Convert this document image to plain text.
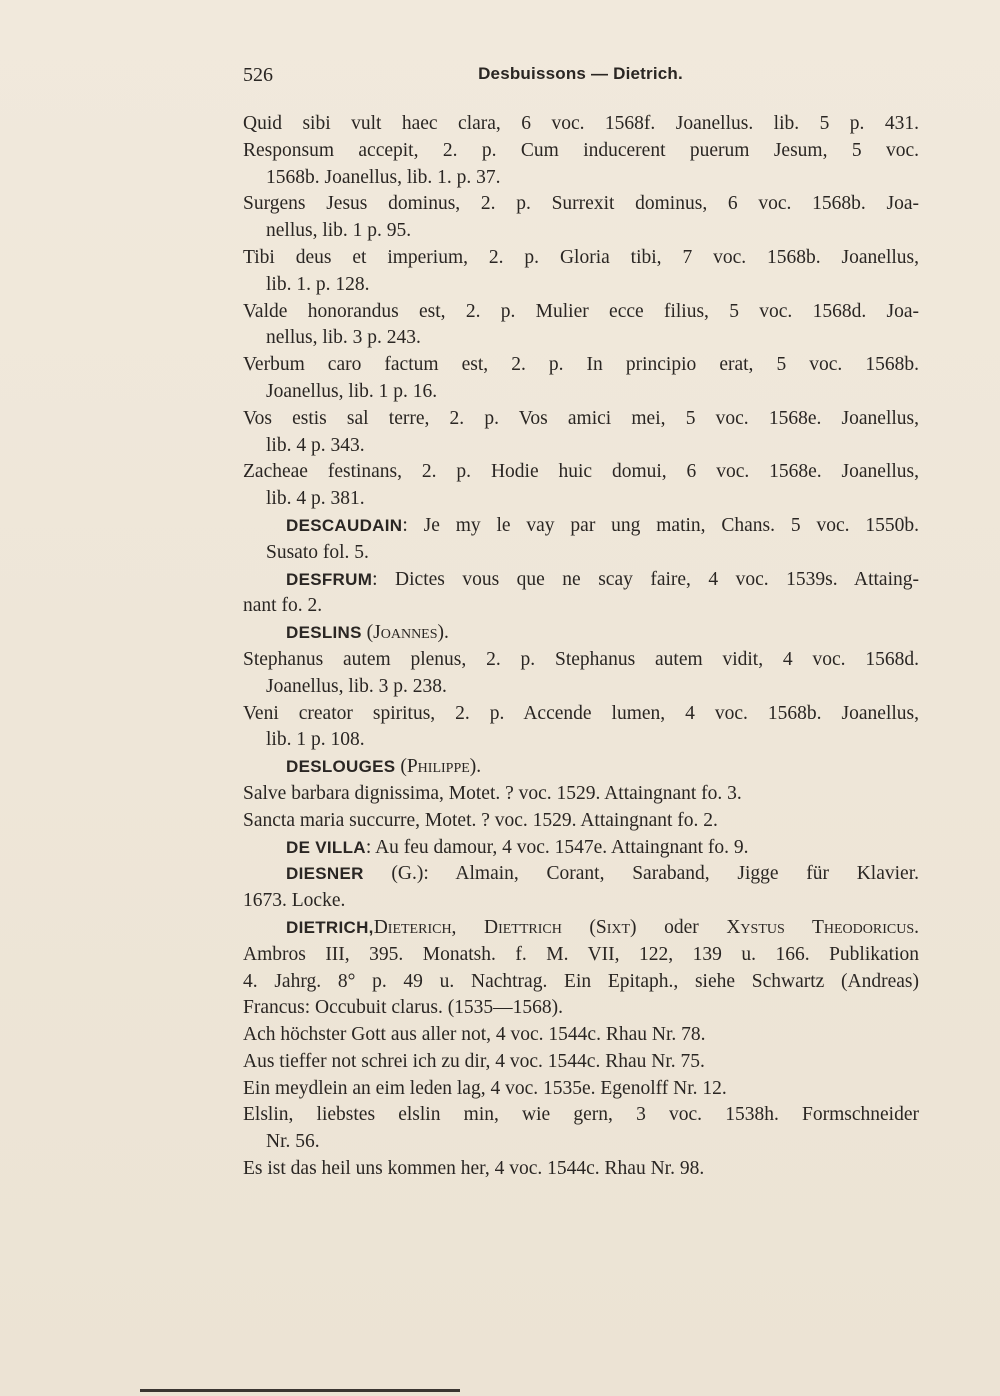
526	Desbuissons — Dietrich.
Quid sibi vult haec clara, 6 voc. 1568f. Joanellus. lib. 5 p. 431.
Responsum accepit, 2. p. Cum inducerent puerum Jesum, 5 voc.
1568b. Joanellus, lib. 1. p. 37.
Surgens Jesus dominus, 2. p. Surrexit dominus, 6 voc. 1568b. Joa-
nellus, lib. 1 p. 95.
Tibi deus et imperium, 2. p. Gloria tibi, 7 voc. 1568b. Joanellus,
lib. 1. p. 128.
Valde honorandus est, 2. p. Mulier ecce filius, 5 voc. 1568d. Joa-
nellus, lib. 3 p. 243.
Verbum caro factum est, 2. p. In principio erat, 5 voc. 1568b.
Joanellus, lib. 1 p. 16.
Vos estis sal terre, 2. p. Vos amici mei, 5 voc. 1568e. Joanellus,
lib. 4 p. 343.
Zacheae festinans, 2. p. Hodie huic domui, 6 voc. 1568e. Joanellus,
lib. 4 p. 381.
DESCAUDAIN: Je my le vay par ung matin, Chans. 5 voc. 1550b.
Susato fol. 5.
DESFRUM: Dictes vous que ne scay faire, 4 voc. 1539s. Attaing-
nant fo. 2.
DESLINS (Joannes).
Stephanus autem plenus, 2. p. Stephanus autem vidit, 4 voc. 1568d.
Joanellus, lib. 3 p. 238.
Veni creator spiritus, 2. p. Accende lumen, 4 voc. 1568b. Joanellus,
lib. 1 p. 108.
DESLOUGES (Philippe).
Salve barbara dignissima, Motet. ? voc. 1529. Attaingnant fo. 3.
Sancta maria succurre, Motet. ? voc. 1529. Attaingnant fo. 2.
DE VILLA: Au feu damour, 4 voc. 1547e. Attaingnant fo. 9.
DIESNER (G.): Almain, Corant, Saraband, Jigge für Klavier.
1673. Locke.
DIETRICH,Dieterich, Diettrich (Sixt) oder Xystus Theodoricus.
Ambros III, 395. Monatsh. f. M. VII, 122, 139 u. 166. Publikation
4. Jahrg. 8° p. 49 u. Nachtrag. Ein Epitaph., siehe Schwartz (Andreas)
Francus: Occubuit clarus. (1535—1568).
Ach höchster Gott aus aller not, 4 voc. 1544c. Rhau Nr. 78.
Aus tieffer not schrei ich zu dir, 4 voc. 1544c. Rhau Nr. 75.
Ein meydlein an eim leden lag, 4 voc. 1535e. Egenolff Nr. 12.
Elslin, liebstes elslin min, wie gern, 3 voc. 1538h. Formschneider
Nr. 56.
Es ist das heil uns kommen her, 4 voc. 1544c. Rhau Nr. 98.
